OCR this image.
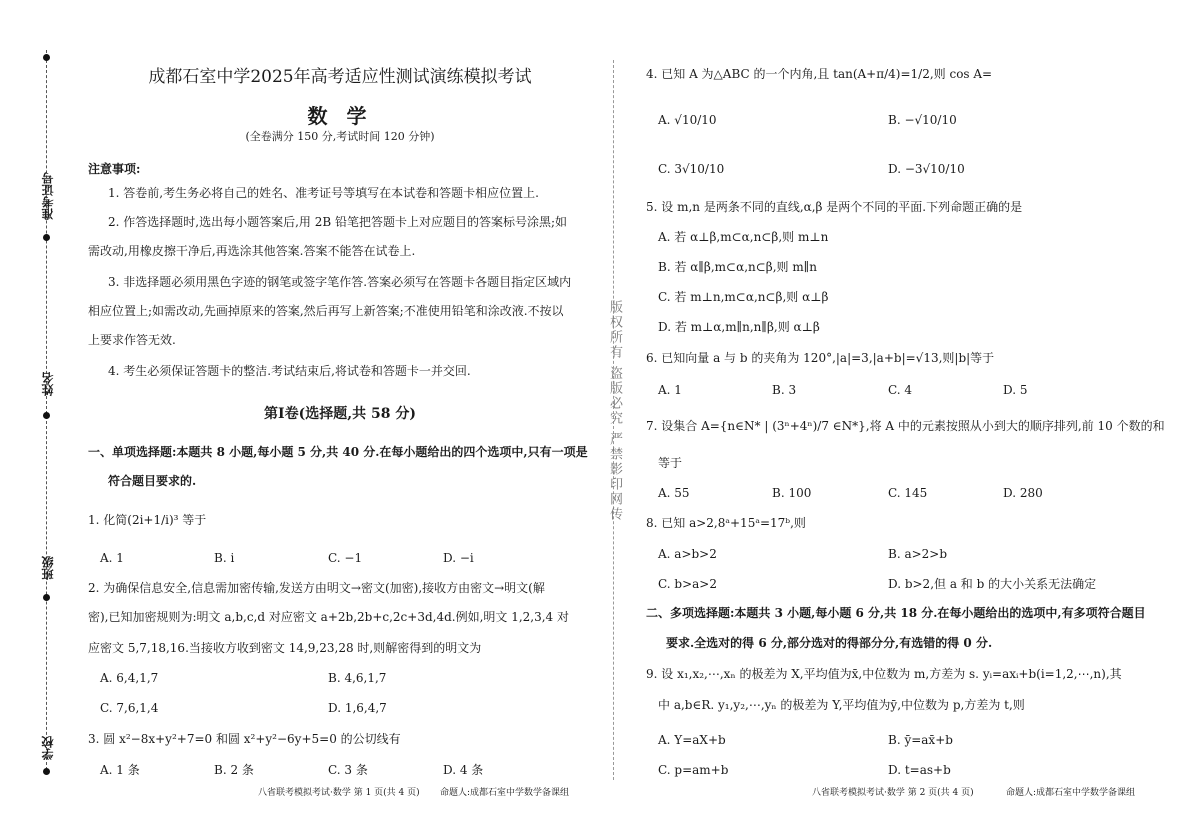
准考证号
姓名
班级
学校
成都石室中学2025年高考适应性测试演练模拟考试
数 学
(全卷满分 150 分,考试时间 120 分钟)
注意事项:
1. 答卷前,考生务必将自己的姓名、准考证号等填写在本试卷和答题卡相应位置上.
2. 作答选择题时,选出每小题答案后,用 2B 铅笔把答题卡上对应题目的答案标号涂黑;如
需改动,用橡皮擦干净后,再选涂其他答案.答案不能答在试卷上.
3. 非选择题必须用黑色字迹的钢笔或签字笔作答.答案必须写在答题卡各题目指定区域内
相应位置上;如需改动,先画掉原来的答案,然后再写上新答案;不准使用铅笔和涂改液.不按以
上要求作答无效.
4. 考生必须保证答题卡的整洁.考试结束后,将试卷和答题卡一并交回.
第Ⅰ卷(选择题,共 58 分)
一、单项选择题:本题共 8 小题,每小题 5 分,共 40 分.在每小题给出的四个选项中,只有一项是
符合题目要求的.
1. 化简(2i+1/i)³ 等于
A. 1	B. i	C. −1	D. −i
2. 为确保信息安全,信息需加密传输,发送方由明文→密文(加密),接收方由密文→明文(解
密),已知加密规则为:明文 a,b,c,d 对应密文 a+2b,2b+c,2c+3d,4d.例如,明文 1,2,3,4 对
应密文 5,7,18,16.当接收方收到密文 14,9,23,28 时,则解密得到的明文为
A. 6,4,1,7	B. 4,6,1,7
C. 7,6,1,4	D. 1,6,4,7
3. 圆 x²−8x+y²+7=0 和圆 x²+y²−6y+5=0 的公切线有
A. 1 条	B. 2 条	C. 3 条	D. 4 条
八省联考模拟考试·数学 第 1 页(共 4 页) 命题人:成都石室中学数学备课组
版权所有 盗版必究 严禁影印网传
4. 已知 A 为△ABC 的一个内角,且 tan(A+π/4)=1/2,则 cos A=
A. √10/10	B. −√10/10
C. 3√10/10	D. −3√10/10
5. 设 m,n 是两条不同的直线,α,β 是两个不同的平面.下列命题正确的是
A. 若 α⊥β,m⊂α,n⊂β,则 m⊥n
B. 若 α∥β,m⊂α,n⊂β,则 m∥n
C. 若 m⊥n,m⊂α,n⊂β,则 α⊥β
D. 若 m⊥α,m∥n,n∥β,则 α⊥β
6. 已知向量 a 与 b 的夹角为 120°,|a|=3,|a+b|=√13,则|b|等于
A. 1	B. 3	C. 4	D. 5
7. 设集合 A={n∈N* | (3ⁿ+4ⁿ)/7 ∈N*},将 A 中的元素按照从小到大的顺序排列,前 10 个数的和
等于
A. 55	B. 100	C. 145	D. 280
8. 已知 a>2,8ᵃ+15ᵃ=17ᵇ,则
A. a>b>2	B. a>2>b
C. b>a>2	D. b>2,但 a 和 b 的大小关系无法确定
二、多项选择题:本题共 3 小题,每小题 6 分,共 18 分.在每小题给出的选项中,有多项符合题目
要求.全选对的得 6 分,部分选对的得部分分,有选错的得 0 分.
9. 设 x₁,x₂,⋯,xₙ 的极差为 X,平均值为x̄,中位数为 m,方差为 s. yᵢ=axᵢ+b(i=1,2,⋯,n),其
中 a,b∈R. y₁,y₂,⋯,yₙ 的极差为 Y,平均值为ȳ,中位数为 p,方差为 t,则
A. Y=aX+b	B. ȳ=ax̄+b
C. p=am+b	D. t=as+b
八省联考模拟考试·数学 第 2 页(共 4 页)	命题人:成都石室中学数学备课组
